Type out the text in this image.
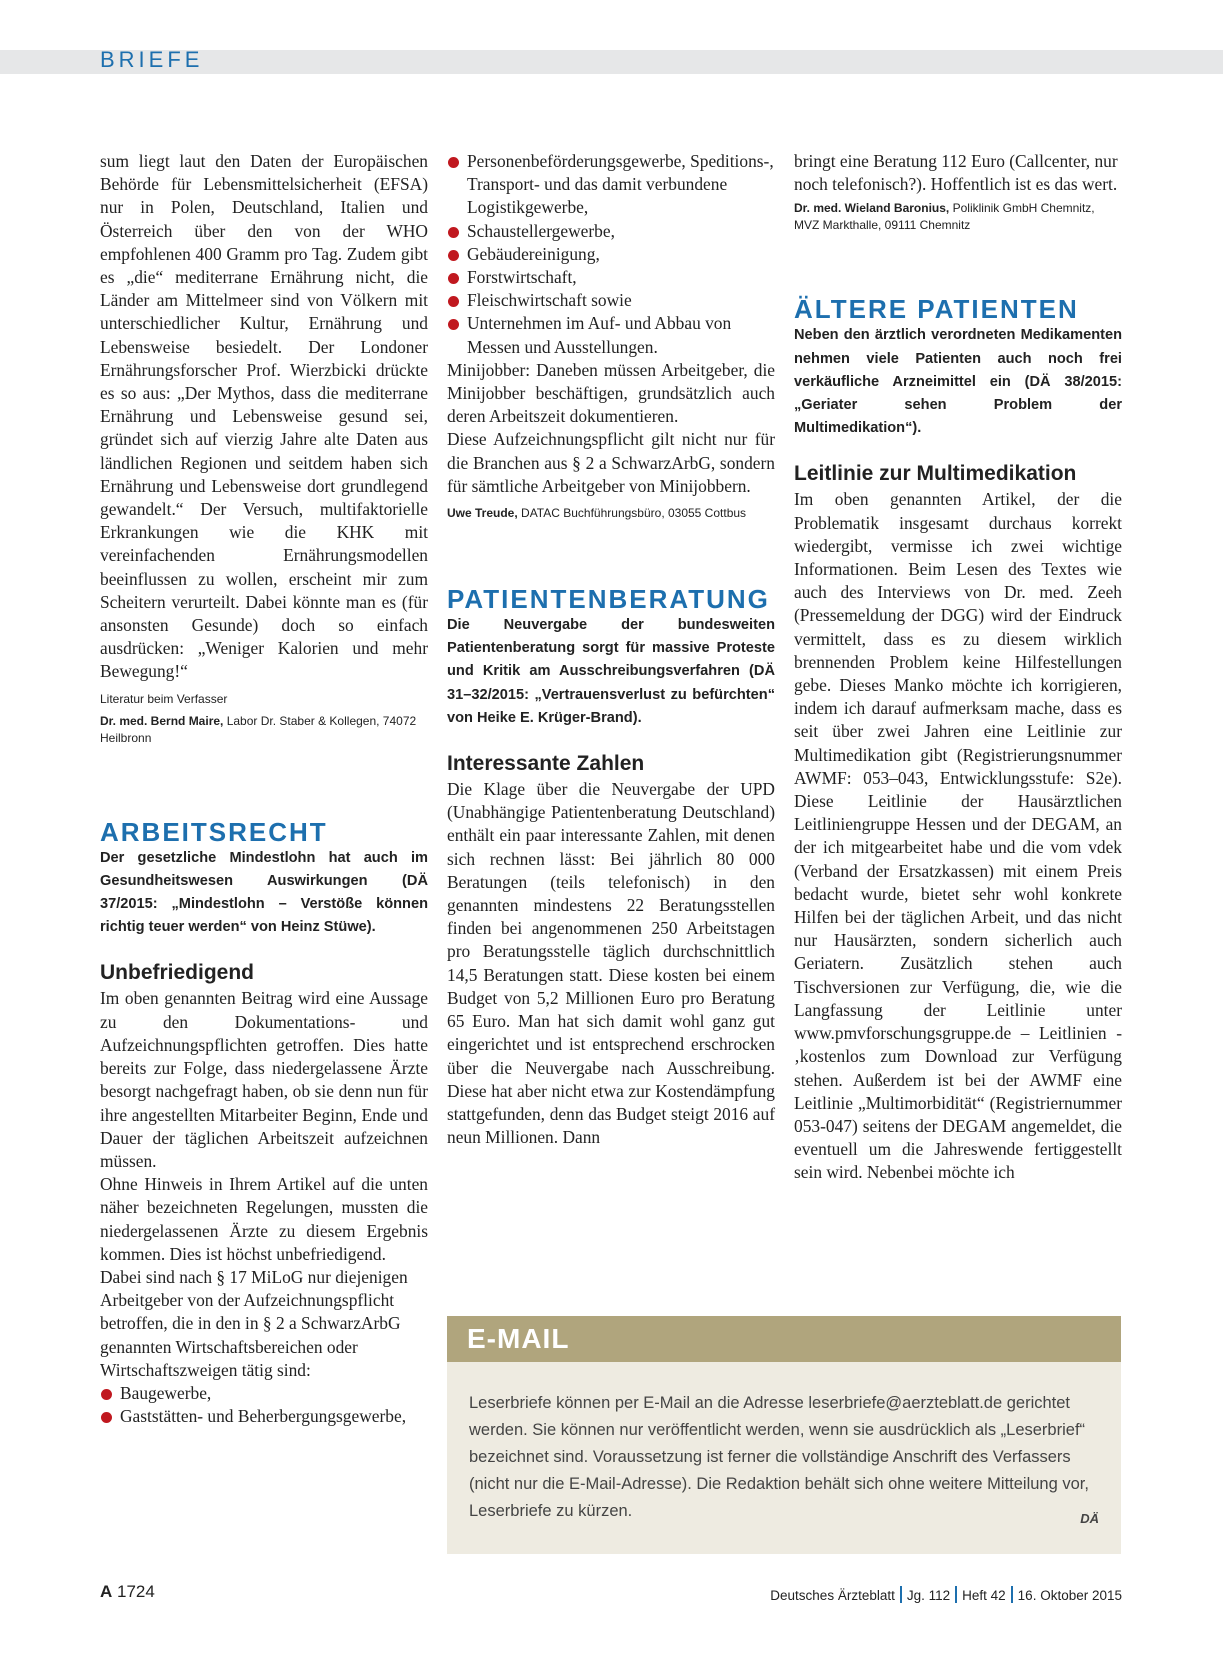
BRIEFE

sum liegt laut den Daten der Europäischen Behörde für Lebensmittelsicherheit (EFSA) nur in Polen, Deutschland, Italien und Österreich über den von der WHO empfohlenen 400 Gramm pro Tag. Zudem gibt es „die“ mediterrane Ernährung nicht, die Länder am Mittelmeer sind von Völkern mit unterschiedlicher Kultur, Ernährung und Lebensweise besiedelt. Der Londoner Ernährungsforscher Prof. Wierzbicki drückte es so aus: „Der Mythos, dass die mediterrane Ernährung und Lebensweise gesund sei, gründet sich auf vierzig Jahre alte Daten aus ländlichen Regionen und seitdem haben sich Ernährung und Lebensweise dort grundlegend gewandelt.“ Der Versuch, multifaktorielle Erkrankungen wie die KHK mit vereinfachenden Ernährungsmodellen beeinflussen zu wollen, erscheint mir zum Scheitern verurteilt. Dabei könnte man es (für ansonsten Gesunde) doch so einfach ausdrücken: „Weniger Kalorien und mehr Bewegung!“

Literatur beim Verfasser
Dr. med. Bernd Maire, Labor Dr. Staber & Kollegen, 74072 Heilbronn
ARBEITSRECHT

Der gesetzliche Mindestlohn hat auch im Gesundheitswesen Auswirkungen (DÄ 37/2015: „Mindestlohn – Verstöße können richtig teuer werden“ von Heinz Stüwe).

Unbefriedigend

Im oben genannten Beitrag wird eine Aussage zu den Dokumentations- und Aufzeichnungspflichten getroffen. Dies hatte bereits zur Folge, dass niedergelassene Ärzte besorgt nachgefragt haben, ob sie denn nun für ihre angestellten Mitarbeiter Beginn, Ende und Dauer der täglichen Arbeitszeit aufzeichnen müssen.

Ohne Hinweis in Ihrem Artikel auf die unten näher bezeichneten Regelungen, mussten die niedergelassenen Ärzte zu diesem Ergebnis kommen. Dies ist höchst unbefriedigend.

Dabei sind nach § 17 MiLoG nur diejenigen Arbeitgeber von der Aufzeichnungspflicht betroffen, die in den in § 2 a SchwarzArbG genannten Wirtschaftsbereichen oder Wirtschaftszweigen tätig sind:

Baugewerbe,
Gaststätten- und Beherbergungsgewerbe,
Personenbeförderungsgewerbe, Speditions-, Transport- und das damit verbundene Logistikgewerbe,
Schaustellergewerbe,
Gebäudereinigung,
Forstwirtschaft,
Fleischwirtschaft sowie
Unternehmen im Auf- und Abbau von Messen und Ausstellungen.

Minijobber: Daneben müssen Arbeitgeber, die Minijobber beschäftigen, grundsätzlich auch deren Arbeitszeit dokumentieren.

Diese Aufzeichnungspflicht gilt nicht nur für die Branchen aus § 2 a SchwarzArbG, sondern für sämtliche Arbeitgeber von Minijobbern.

Uwe Treude, DATAC Buchführungsbüro, 03055 Cottbus
PATIENTENBERATUNG

Die Neuvergabe der bundesweiten Patientenberatung sorgt für massive Proteste und Kritik am Ausschreibungsverfahren (DÄ 31–32/2015: „Vertrauensverlust zu befürchten“ von Heike E. Krüger-Brand).

Interessante Zahlen

Die Klage über die Neuvergabe der UPD (Unabhängige Patientenberatung Deutschland) enthält ein paar interessante Zahlen, mit denen sich rechnen lässt: Bei jährlich 80 000 Beratungen (teils telefonisch) in den genannten mindestens 22 Beratungsstellen finden bei angenommenen 250 Arbeitstagen pro Beratungsstelle täglich durchschnittlich 14,5 Beratungen statt. Diese kosten bei einem Budget von 5,2 Millionen Euro pro Beratung 65 Euro. Man hat sich damit wohl ganz gut eingerichtet und ist entsprechend erschrocken über die Neuvergabe nach Ausschreibung. Diese hat aber nicht etwa zur Kostendämpfung stattgefunden, denn das Budget steigt 2016 auf neun Millionen. Dann

bringt eine Beratung 112 Euro (Callcenter, nur noch telefonisch?). Hoffentlich ist es das wert.

Dr. med. Wieland Baronius, Poliklinik GmbH Chemnitz, MVZ Markthalle, 09111 Chemnitz
ÄLTERE PATIENTEN

Neben den ärztlich verordneten Medikamenten nehmen viele Patienten auch noch frei verkäufliche Arzneimittel ein (DÄ 38/2015: „Geriater sehen Problem der Multimedikation“).

Leitlinie zur Multimedikation

Im oben genannten Artikel, der die Problematik insgesamt durchaus korrekt wiedergibt, vermisse ich zwei wichtige Informationen. Beim Lesen des Textes wie auch des Interviews von Dr. med. Zeeh (Pressemeldung der DGG) wird der Eindruck vermittelt, dass es zu diesem wirklich brennenden Problem keine Hilfestellungen gebe. Dieses Manko möchte ich korrigieren, indem ich darauf aufmerksam mache, dass es seit über zwei Jahren eine Leitlinie zur Multimedikation gibt (Registrierungsnummer AWMF: 053–043, Entwicklungsstufe: S2e). Diese Leitlinie der Hausärztlichen Leitliniengruppe Hessen und der DEGAM, an der ich mitgearbeitet habe und die vom vdek (Verband der Ersatzkassen) mit einem Preis bedacht wurde, bietet sehr wohl konkrete Hilfen bei der täglichen Arbeit, und das nicht nur Hausärzten, sondern sicherlich auch Geriatern. Zusätzlich stehen auch Tischversionen zur Verfügung, die, wie die Langfassung der Leitlinie unter www.pmvforschungsgruppe.de – Leitlinien -‚kostenlos zum Download zur Verfügung stehen. Außerdem ist bei der AWMF eine Leitlinie „Multimorbidität“ (Registriernummer 053-047) seitens der DEGAM angemeldet, die eventuell um die Jahreswende fertiggestellt sein wird. Nebenbei möchte ich

E-MAIL
Leserbriefe können per E-Mail an die Adresse leserbriefe@aerzteblatt.de gerichtet werden. Sie können nur veröffentlicht werden, wenn sie ausdrücklich als „Leserbrief“ bezeichnet sind. Voraussetzung ist ferner die vollständige Anschrift des Verfassers (nicht nur die E-Mail-Adresse). Die Redaktion behält sich ohne weitere Mitteilung vor, Leserbriefe zu kürzen.	DÄ
A 1724	Deutsches Ärzteblatt Jg. 112 Heft 42 16. Oktober 2015
